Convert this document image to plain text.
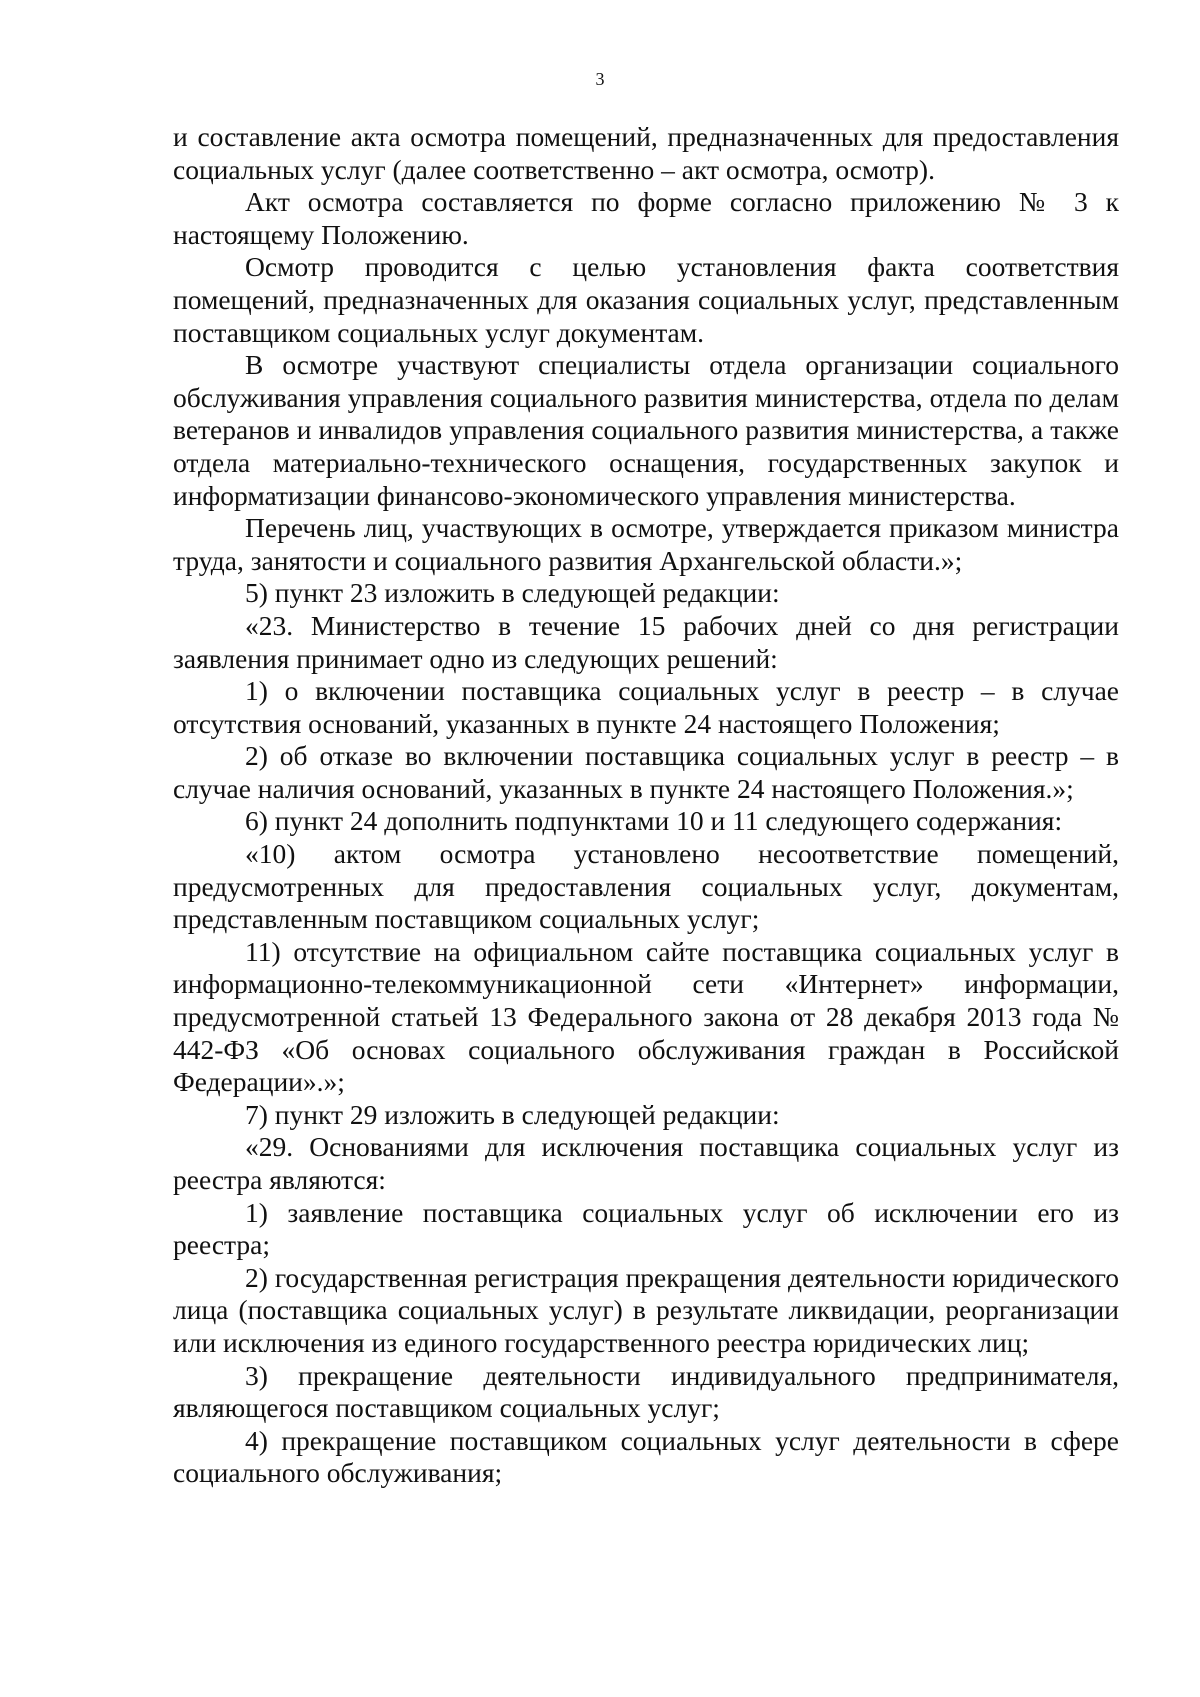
3

и составление акта осмотра помещений, предназначенных для предоставления социальных услуг (далее соответственно – акт осмотра, осмотр).

Акт осмотра составляется по форме согласно приложению № 3 к настоящему Положению.

Осмотр проводится с целью установления факта соответствия помещений, предназначенных для оказания социальных услуг, представленным поставщиком социальных услуг документам.

В осмотре участвуют специалисты отдела организации социального обслуживания управления социального развития министерства, отдела по делам ветеранов и инвалидов управления социального развития министерства, а также отдела материально-технического оснащения, государственных закупок и информатизации финансово-экономического управления министерства.

Перечень лиц, участвующих в осмотре, утверждается приказом министра труда, занятости и социального развития Архангельской области.»;

5) пункт 23 изложить в следующей редакции:

«23. Министерство в течение 15 рабочих дней со дня регистрации заявления принимает одно из следующих решений:

1) о включении поставщика социальных услуг в реестр – в случае отсутствия оснований, указанных в пункте 24 настоящего Положения;

2) об отказе во включении поставщика социальных услуг в реестр – в случае наличия оснований, указанных в пункте 24 настоящего Положения.»;

6) пункт 24 дополнить подпунктами 10 и 11 следующего содержания:

«10) актом осмотра установлено несоответствие помещений, предусмотренных для предоставления социальных услуг, документам, представленным поставщиком социальных услуг;

11) отсутствие на официальном сайте поставщика социальных услуг в информационно-телекоммуникационной сети «Интернет» информации, предусмотренной статьей 13 Федерального закона от 28 декабря 2013 года № 442-ФЗ «Об основах социального обслуживания граждан в Российской Федерации».»;

7) пункт 29 изложить в следующей редакции:

«29. Основаниями для исключения поставщика социальных услуг из реестра являются:

1) заявление поставщика социальных услуг об исключении его из реестра;

2) государственная регистрация прекращения деятельности юридического лица (поставщика социальных услуг) в результате ликвидации, реорганизации или исключения из единого государственного реестра юридических лиц;

3) прекращение деятельности индивидуального предпринимателя, являющегося поставщиком социальных услуг;

4) прекращение поставщиком социальных услуг деятельности в сфере социального обслуживания;
